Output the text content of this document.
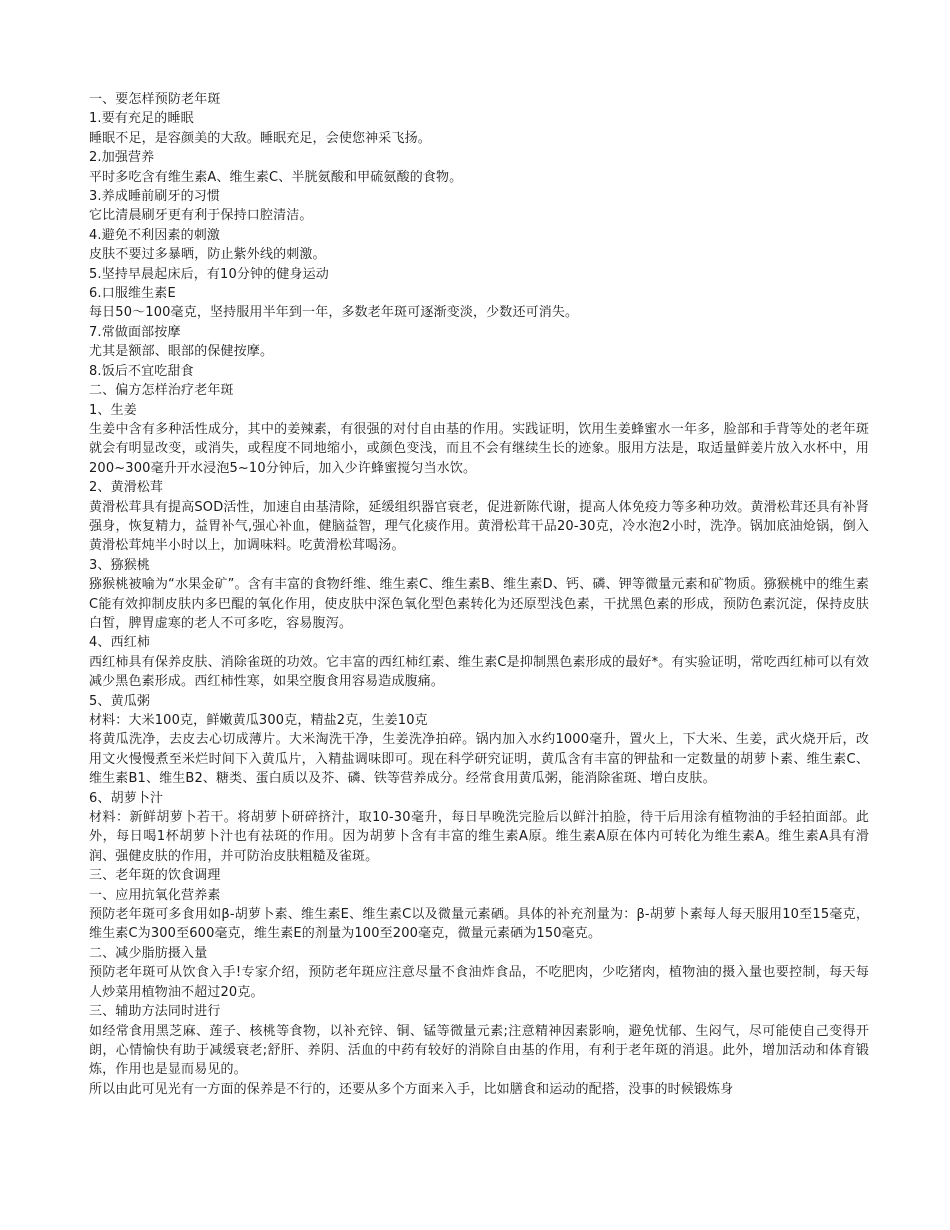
一、要怎样预防老年斑

1.要有充足的睡眠

睡眠不足，是容颜美的大敌。睡眠充足，会使您神采飞扬。

2.加强营养

平时多吃含有维生素A、维生素C、半胱氨酸和甲硫氨酸的食物。

3.养成睡前刷牙的习惯

它比清晨刷牙更有利于保持口腔清洁。

4.避免不利因素的刺激

皮肤不要过多暴晒，防止紫外线的刺激。

5.坚持早晨起床后，有10分钟的健身运动

6.口服维生素E

每日50～100毫克，坚持服用半年到一年，多数老年斑可逐渐变淡，少数还可消失。

7.常做面部按摩

尤其是额部、眼部的保健按摩。

8.饭后不宜吃甜食

二、偏方怎样治疗老年斑

1、生姜

生姜中含有多种活性成分，其中的姜辣素，有很强的对付自由基的作用。实践证明，饮用生姜蜂蜜水一年多，脸部和手背等处的老年斑就会有明显改变，或消失，或程度不同地缩小，或颜色变浅，而且不会有继续生长的迹象。服用方法是，取适量鲜姜片放入水杯中，用200~300毫升开水浸泡5~10分钟后，加入少许蜂蜜搅匀当水饮。

2、黄滑松茸

黄滑松茸具有提高SOD活性，加速自由基清除，延缓组织器官衰老，促进新陈代谢，提高人体免疫力等多种功效。黄滑松茸还具有补肾强身，恢复精力，益胃补气,强心补血，健脑益智，理气化痰作用。黄滑松茸干品20-30克，冷水泡2小时，洗净。锅加底油炝锅，倒入黄滑松茸炖半小时以上，加调味料。吃黄滑松茸喝汤。

3、猕猴桃

猕猴桃被喻为“水果金矿”。含有丰富的食物纤维、维生素C、维生素B、维生素D、钙、磷、钾等微量元素和矿物质。猕猴桃中的维生素C能有效抑制皮肤内多巴醌的氧化作用，使皮肤中深色氧化型色素转化为还原型浅色素，干扰黑色素的形成，预防色素沉淀，保持皮肤白皙，脾胃虚寒的老人不可多吃，容易腹泻。

4、西红柿

西红柿具有保养皮肤、消除雀斑的功效。它丰富的西红柿红素、维生素C是抑制黑色素形成的最好*。有实验证明，常吃西红柿可以有效减少黑色素形成。西红柿性寒，如果空腹食用容易造成腹痛。

5、黄瓜粥

材料：大米100克，鲜嫩黄瓜300克，精盐2克，生姜10克

将黄瓜洗净，去皮去心切成薄片。大米淘洗干净，生姜洗净拍碎。锅内加入水约1000毫升，置火上，下大米、生姜，武火烧开后，改用文火慢慢煮至米烂时间下入黄瓜片，入精盐调味即可。现在科学研究证明，黄瓜含有丰富的钾盐和一定数量的胡萝卜素、维生素C、维生素B1、维生B2、糖类、蛋白质以及芥、磷、铁等营养成分。经常食用黄瓜粥，能消除雀斑、增白皮肤。

6、胡萝卜汁

材料：新鲜胡萝卜若干。将胡萝卜研碎挤汁，取10-30毫升，每日早晚洗完脸后以鲜汁拍脸，待干后用涂有植物油的手轻拍面部。此外，每日喝1杯胡萝卜汁也有祛斑的作用。因为胡萝卜含有丰富的维生素A原。维生素A原在体内可转化为维生素A。维生素A具有滑润、强健皮肤的作用，并可防治皮肤粗糙及雀斑。

三、老年斑的饮食调理

一、应用抗氧化营养素

预防老年斑可多食用如β-胡萝卜素、维生素E、维生素C以及微量元素硒。具体的补充剂量为：β-胡萝卜素每人每天服用10至15毫克，维生素C为300至600毫克，维生素E的剂量为100至200毫克，微量元素硒为150毫克。

二、减少脂肪摄入量

预防老年斑可从饮食入手!专家介绍，预防老年斑应注意尽量不食油炸食品，不吃肥肉，少吃猪肉，植物油的摄入量也要控制，每天每人炒菜用植物油不超过20克。

三、辅助方法同时进行

如经常食用黑芝麻、莲子、核桃等食物，以补充锌、铜、锰等微量元素;注意精神因素影响，避免忧郁、生闷气，尽可能使自己变得开朗，心情愉快有助于减缓衰老;舒肝、养阴、活血的中药有较好的消除自由基的作用，有利于老年斑的消退。此外，增加活动和体育锻炼，作用也是显而易见的。

所以由此可见光有一方面的保养是不行的，还要从多个方面来入手，比如膳食和运动的配搭，没事的时候锻炼身
